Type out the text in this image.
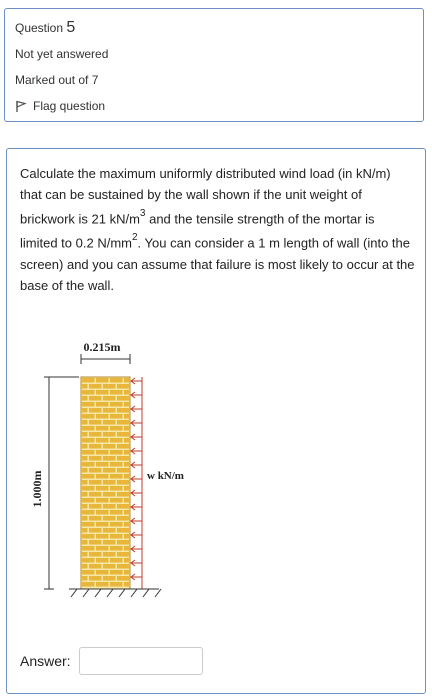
Question 5
Not yet answered
Marked out of 7
Flag question

Calculate the maximum uniformly distributed wind load (in kN/m) that can be sustained by the wall shown if the unit weight of brickwork is 21 $kN/m^3$ and the tensile strength of the mortar is limited to 0.2 $N/mm^2$. You can consider a 1 m length of wall (into the screen) and you can assume that failure is most likely to occur at the base of the wall.

0.215m
1.000m	w kN/m
Answer:
